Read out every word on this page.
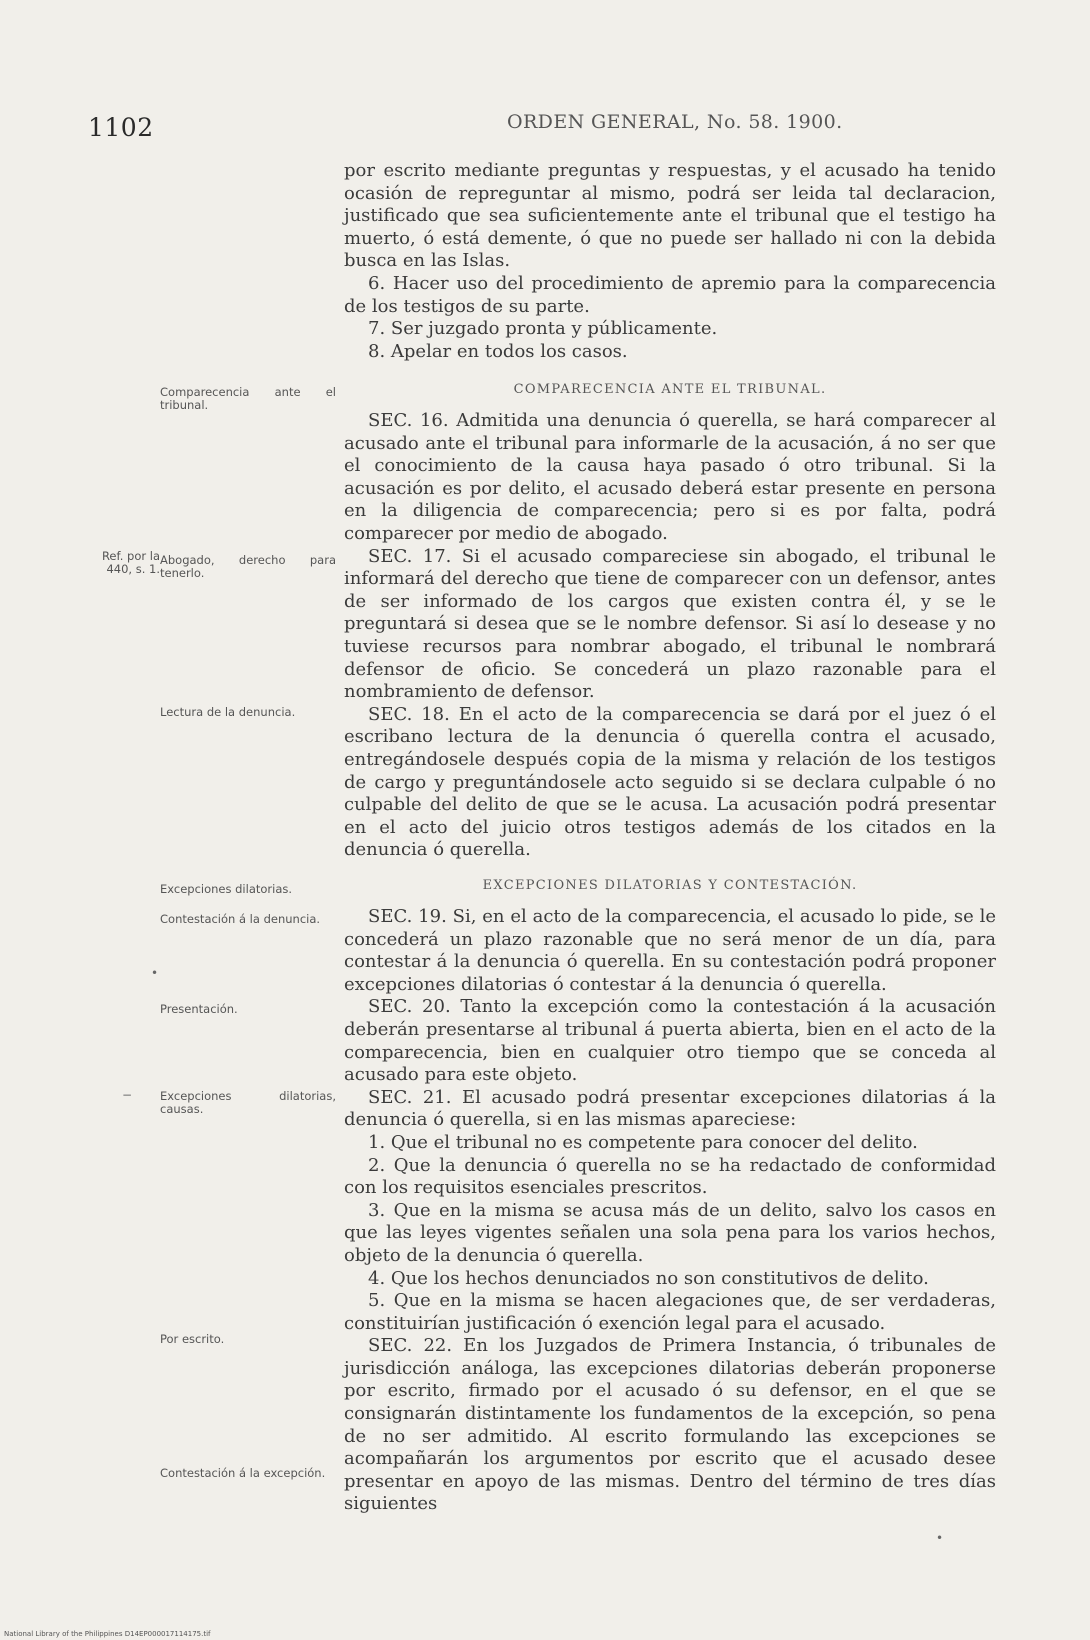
1102	ORDEN GENERAL, No. 58. 1900.

por escrito mediante preguntas y respuestas, y el acusado ha tenido ocasión de repreguntar al mismo, podrá ser leida tal declaracion, justificado que sea suficientemente ante el tribunal que el testigo ha muerto, ó está demente, ó que no puede ser hallado ni con la debida busca en las Islas.

6. Hacer uso del procedimiento de apremio para la comparecencia de los testigos de su parte.

7. Ser juzgado pronta y públicamente.

8. Apelar en todos los casos.

COMPARECENCIA ANTE EL TRIBUNAL.

SEC. 16. Admitida una denuncia ó querella, se hará comparecer al acusado ante el tribunal para informarle de la acusación, á no ser que el conocimiento de la causa haya pasado ó otro tribunal. Si la acusación es por delito, el acusado deberá estar presente en persona en la diligencia de comparecencia; pero si es por falta, podrá comparecer por medio de abogado.

SEC. 17. Si el acusado compareciese sin abogado, el tribunal le informará del derecho que tiene de comparecer con un defensor, antes de ser informado de los cargos que existen contra él, y se le preguntará si desea que se le nombre defensor. Si así lo desease y no tuviese recursos para nombrar abogado, el tribunal le nombrará defensor de oficio. Se concederá un plazo razonable para el nombramiento de defensor.

SEC. 18. En el acto de la comparecencia se dará por el juez ó el escribano lectura de la denuncia ó querella contra el acusado, entregándosele después copia de la misma y relación de los testigos de cargo y preguntándosele acto seguido si se declara culpable ó no culpable del delito de que se le acusa. La acusación podrá presentar en el acto del juicio otros testigos además de los citados en la denuncia ó querella.

EXCEPCIONES DILATORIAS Y CONTESTACIÓN.

SEC. 19. Si, en el acto de la comparecencia, el acusado lo pide, se le concederá un plazo razonable que no será menor de un día, para contestar á la denuncia ó querella. En su contestación podrá proponer excepciones dilatorias ó contestar á la denuncia ó querella.

SEC. 20. Tanto la excepción como la contestación á la acusación deberán presentarse al tribunal á puerta abierta, bien en el acto de la comparecencia, bien en cualquier otro tiempo que se conceda al acusado para este objeto.

SEC. 21. El acusado podrá presentar excepciones dilatorias á la denuncia ó querella, si en las mismas apareciese:

1. Que el tribunal no es competente para conocer del delito.

2. Que la denuncia ó querella no se ha redactado de conformidad con los requisitos esenciales prescritos.

3. Que en la misma se acusa más de un delito, salvo los casos en que las leyes vigentes señalen una sola pena para los varios hechos, objeto de la denuncia ó querella.

4. Que los hechos denunciados no son constitutivos de delito.

5. Que en la misma se hacen alegaciones que, de ser verdaderas, constituirían justificación ó exención legal para el acusado.

SEC. 22. En los Juzgados de Primera Instancia, ó tribunales de jurisdicción análoga, las excepciones dilatorias deberán proponerse por escrito, firmado por el acusado ó su defensor, en el que se consignarán distintamente los fundamentos de la excepción, so pena de no ser admitido. Al escrito formulando las excepciones se acompañarán los argumentos por escrito que el acusado desee presentar en apoyo de las mismas. Dentro del término de tres días siguientes

Comparecencia ante el tribunal.
Ref. por la 440, s. 1.
Abogado, derecho para tenerlo.
Lectura de la denuncia.
Excepciones dilatorias.
Contestación á la denuncia.
Presentación.
Excepciones dilatorias, causas.
Por escrito.
Contestación á la excepción.
•
−
•
National Library of the Philippines D14EP000017114175.tif
